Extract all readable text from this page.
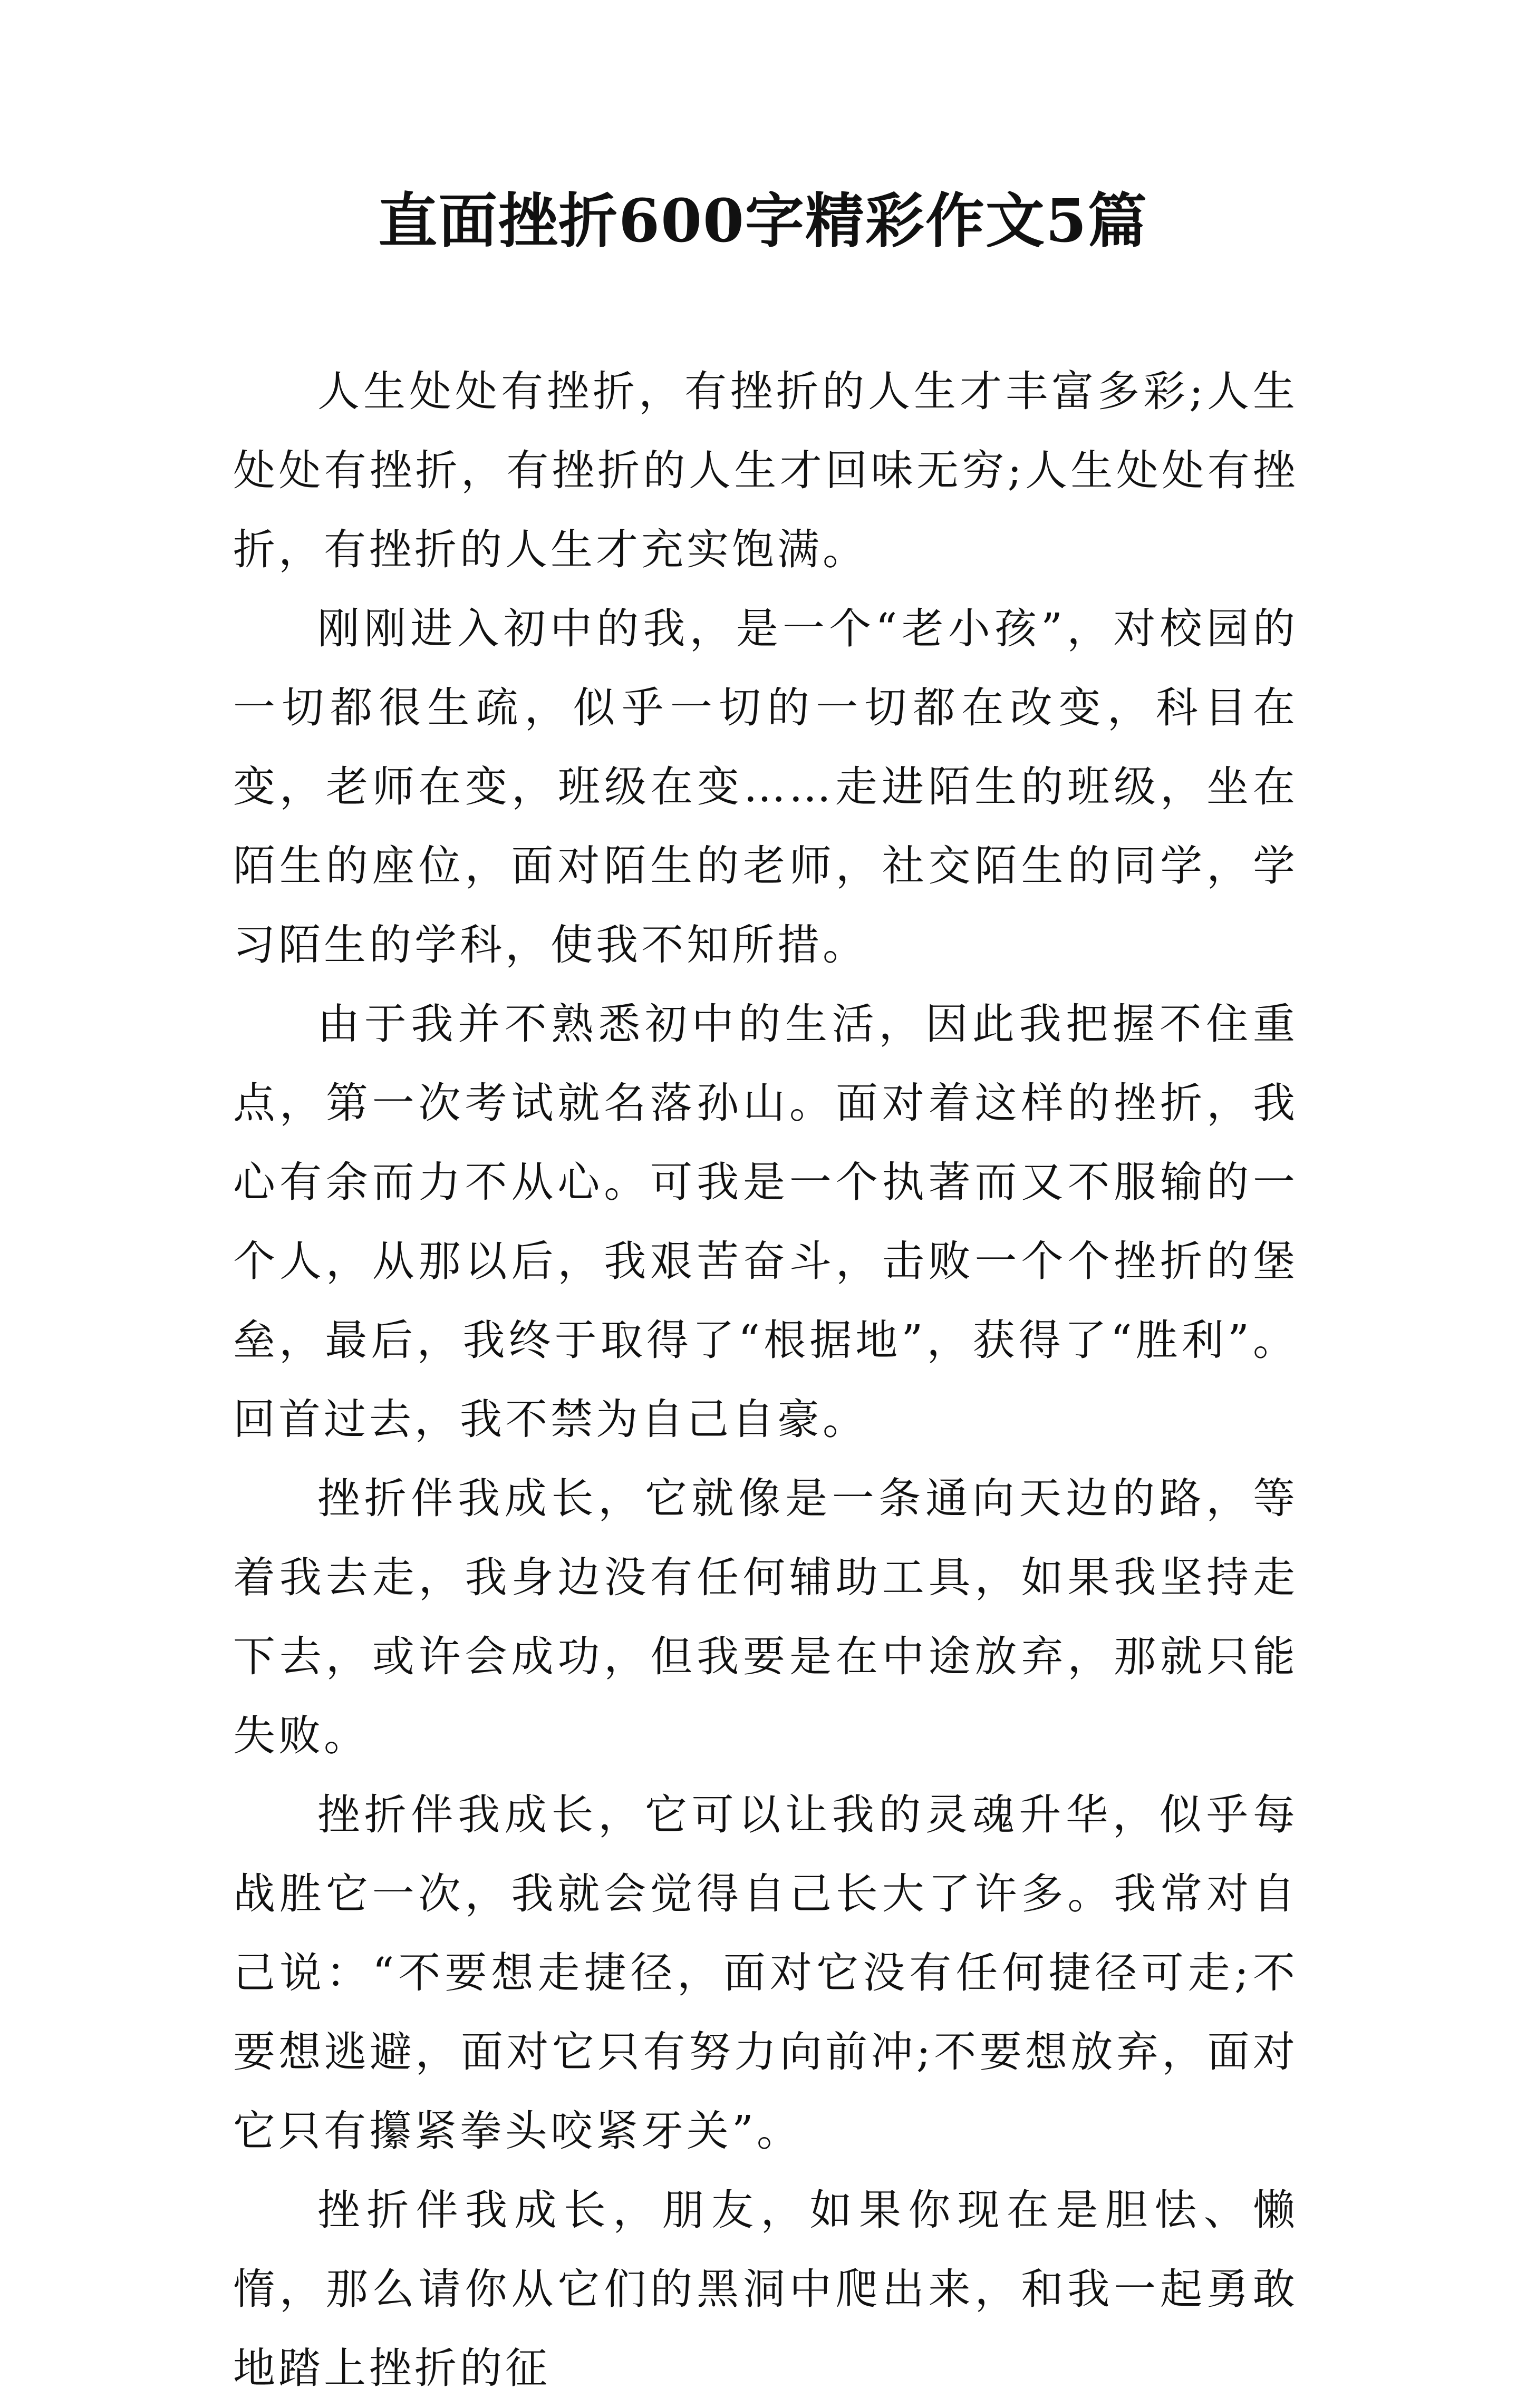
直面挫折600字精彩作文5篇

人生处处有挫折，有挫折的人生才丰富多彩;人生处处有挫折，有挫折的人生才回味无穷;人生处处有挫折，有挫折的人生才充实饱满。

刚刚进入初中的我，是一个“老小孩”，对校园的一切都很生疏，似乎一切的一切都在改变，科目在变，老师在变，班级在变……走进陌生的班级，坐在陌生的座位，面对陌生的老师，社交陌生的同学，学习陌生的学科，使我不知所措。

由于我并不熟悉初中的生活，因此我把握不住重点，第一次考试就名落孙山。面对着这样的挫折，我心有余而力不从心。可我是一个执著而又不服输的一个人，从那以后，我艰苦奋斗，击败一个个挫折的堡垒，最后，我终于取得了“根据地”，获得了“胜利”。回首过去，我不禁为自己自豪。

挫折伴我成长，它就像是一条通向天边的路，等着我去走，我身边没有任何辅助工具，如果我坚持走下去，或许会成功，但我要是在中途放弃，那就只能失败。

挫折伴我成长，它可以让我的灵魂升华，似乎每战胜它一次，我就会觉得自己长大了许多。我常对自己说：“不要想走捷径，面对它没有任何捷径可走;不要想逃避，面对它只有努力向前冲;不要想放弃，面对它只有攥紧拳头咬紧牙关”。

挫折伴我成长，朋友，如果你现在是胆怯、懒惰，那么请你从它们的黑洞中爬出来，和我一起勇敢地踏上挫折的征
